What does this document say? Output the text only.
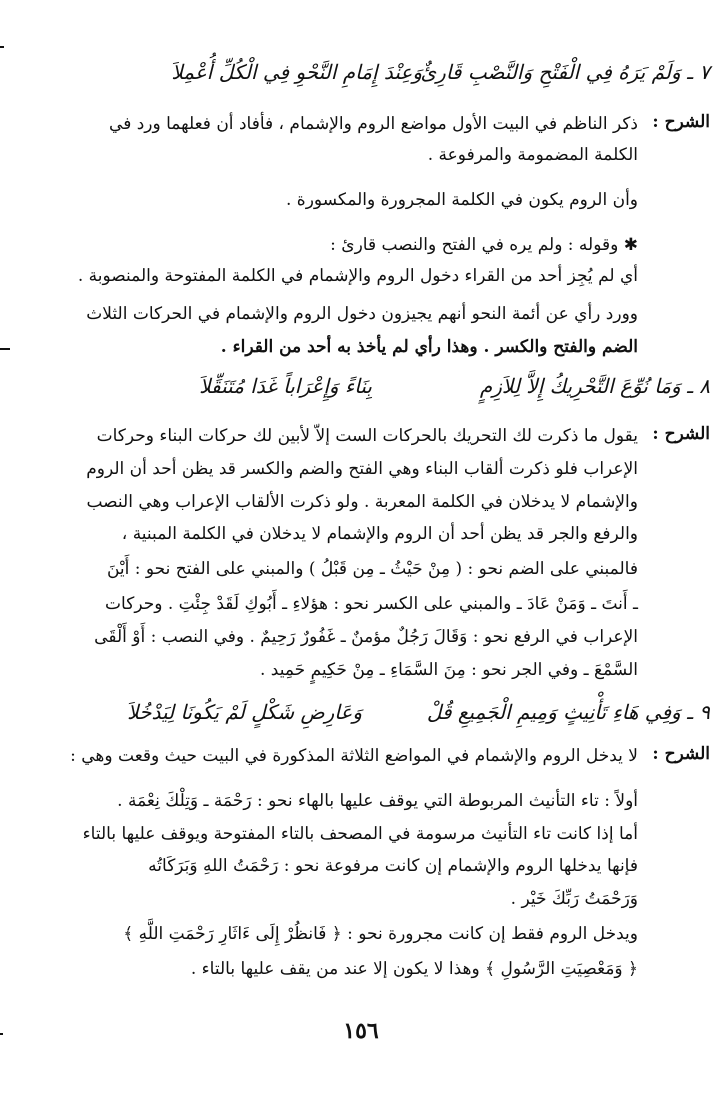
٧ ـ وَلَمْ يَرَهُ فِي الْفَتْحِ وَالنَّصْبِ قَارِئٌ
وَعِنْدَ إِمَامِ النَّحْوِ فِي الْكُلِّ أُعْمِلاَ
الشرح :
ذكر الناظم في البيت الأول مواضع الروم والإشمام ، فأفاد أن فعلهما ورد في
الكلمة المضمومة والمرفوعة .
وأن الروم يكون في الكلمة المجرورة والمكسورة .
✱ وقوله : ولم يره في الفتح والنصب قارئ :
أي لم يُجِز أحد من القراء دخول الروم والإشمام في الكلمة المفتوحة والمنصوبة .
وورد رأي عن أئمة النحو أنهم يجيزون دخول الروم والإشمام في الحركات الثلاث
الضم والفتح والكسر . وهذا رأي لم يأخذ به أحد من القراء .
٨ ـ وَمَا نُوِّعَ التَّحْرِيكُ إِلاَّ لِلاَزِمٍ
بِنَاءً وَإِعْرَاباً غَدَا مُتَنَقِّلاَ
الشرح :
يقول ما ذكرت لك التحريك بالحركات الست إلاّ لأبين لك حركات البناء وحركات
الإعراب فلو ذكرت ألقاب البناء وهي الفتح والضم والكسر قد يظن أحد أن الروم
والإشمام لا يدخلان في الكلمة المعربة . ولو ذكرت الألقاب الإعراب وهي النصب
والرفع والجر قد يظن أحد أن الروم والإشمام لا يدخلان في الكلمة المبنية ،
فالمبني على الضم نحو : ( مِنْ حَيْثُ ـ مِن قَبْلُ ) والمبني على الفتح نحو : أَيْنَ
ـ أَنتَ ـ وَمَنْ عَادَ ـ والمبني على الكسر نحو : هؤلاءِ ـ أَبُوكِ لَقَدْ جِئْتِ . وحركات
الإعراب في الرفع نحو : وَقَالَ رَجُلٌ مؤمنٌ ـ غَفُورٌ رَحِيمٌ . وفي النصب : أَوْ أَلْقَى
السَّمْعَ ـ وفي الجر نحو : مِنَ السَّمَاءِ ـ مِنْ حَكِيمٍ حَمِيد .
٩ ـ وَفِي هَاءِ تَأْنِيثٍ وَمِيمِ الْجَمِيعِ قُلْ
وَعَارِضِ شَكْلٍ لَمْ يَكُونَا لِيَدْخُلاَ
الشرح :
لا يدخل الروم والإشمام في المواضع الثلاثة المذكورة في البيت حيث وقعت وهي :
أولاً : تاء التأنيث المربوطة التي يوقف عليها بالهاء نحو : رَحْمَة ـ وَتِلْكَ نِعْمَة .
أما إذا كانت تاء التأنيث مرسومة في المصحف بالتاء المفتوحة ويوقف عليها بالتاء
فإنها يدخلها الروم والإشمام إن كانت مرفوعة نحو : رَحْمَتُ اللهِ وَبَرَكَاتُه
وَرَحْمَتُ رَبِّكَ خَيْر .
ويدخل الروم فقط إن كانت مجرورة نحو : ﴿ فَانظُرْ إِلَى ءَاثَارِ رَحْمَتِ اللَّهِ ﴾
﴿ وَمَعْصِيَتِ الرَّسُولِ ﴾ وهذا لا يكون إلا عند من يقف عليها بالتاء .
١٥٦
